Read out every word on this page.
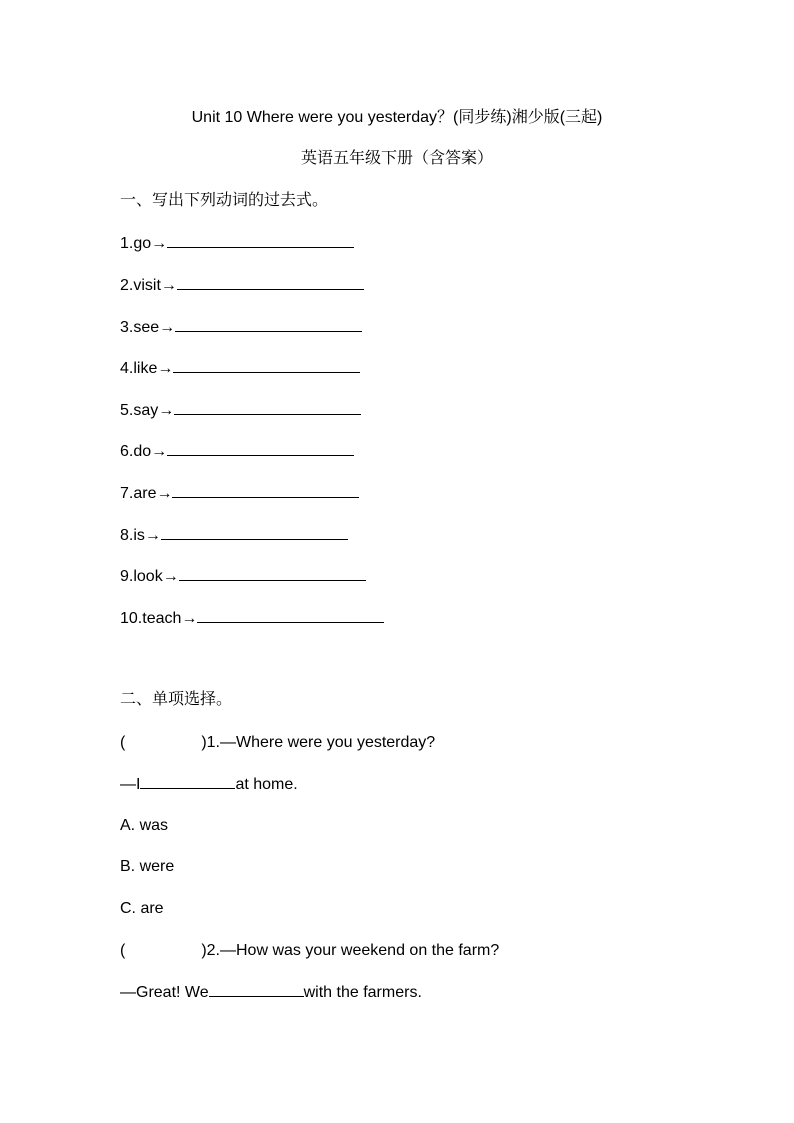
Unit 10 Where were you yesterday？(同步练)湘少版(三起)
英语五年级下册（含答案）
一、写出下列动词的过去式。
1.go→
2.visit→
3.see→
4.like→
5.say→
6.do→
7.are→
8.is→
9.look→
10.teach→
二、单项选择。
(	)1.—Where were you yesterday?
—I	at home.
A. was
B. were
C. are
(	)2.—How was your weekend on the farm?
—Great! We	with the farmers.
